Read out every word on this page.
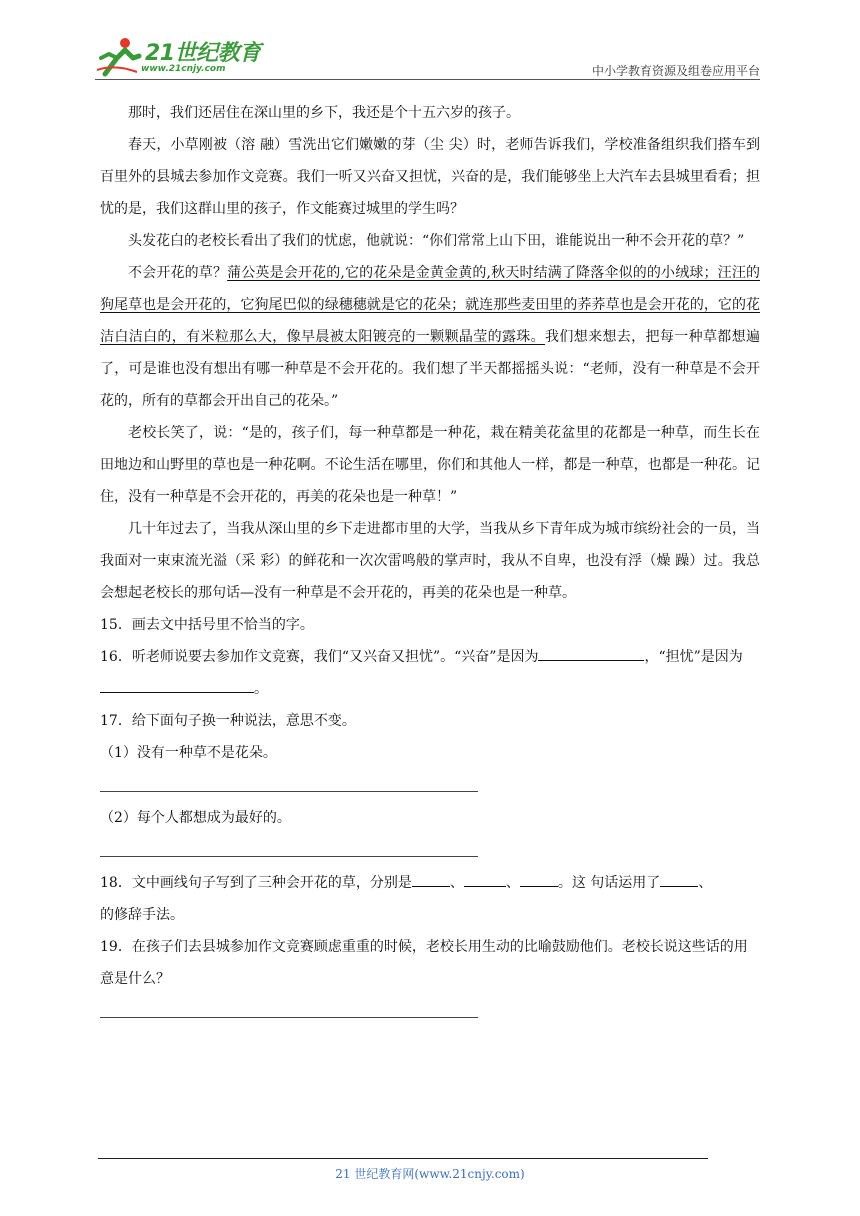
21世纪教育
www.21cnjy.com	中小学教育资源及组卷应用平台

那时，我们还居住在深山里的乡下，我还是个十五六岁的孩子。

春天，小草刚被（溶 融）雪洗出它们嫩嫩的芽（尘 尖）时，老师告诉我们，学校准备组织我们搭车到百里外的县城去参加作文竞赛。我们一听又兴奋又担忧，兴奋的是，我们能够坐上大汽车去县城里看看；担忧的是，我们这群山里的孩子，作文能赛过城里的学生吗？

头发花白的老校长看出了我们的忧虑，他就说：“你们常常上山下田，谁能说出一种不会开花的草？”

不会开花的草？蒲公英是会开花的,它的花朵是金黄金黄的,秋天时结满了降落伞似的的小绒球；汪汪的狗尾草也是会开花的，它狗尾巴似的绿穗穗就是它的花朵；就连那些麦田里的荞荞草也是会开花的，它的花洁白洁白的，有米粒那么大，像早晨被太阳镀亮的一颗颗晶莹的露珠。我们想来想去，把每一种草都想遍了，可是谁也没有想出有哪一种草是不会开花的。我们想了半天都摇摇头说：“老师，没有一种草是不会开花的，所有的草都会开出自己的花朵。”

老校长笑了，说：“是的，孩子们，每一种草都是一种花，栽在精美花盆里的花都是一种草，而生长在田地边和山野里的草也是一种花啊。不论生活在哪里，你们和其他人一样，都是一种草，也都是一种花。记住，没有一种草是不会开花的，再美的花朵也是一种草！”

几十年过去了，当我从深山里的乡下走进都市里的大学，当我从乡下青年成为城市缤纷社会的一员，当我面对一束束流光溢（采 彩）的鲜花和一次次雷鸣般的掌声时，我从不自卑，也没有浮（燥 躁）过。我总会想起老校长的那句话—没有一种草是不会开花的，再美的花朵也是一种草。

15．画去文中括号里不恰当的字。

16．听老师说要去参加作文竞赛，我们“又兴奋又担忧”。“兴奋”是因为	，“担忧”是因为。

17．给下面句子换一种说法，意思不变。

（1）没有一种草不是花朵。

（2）每个人都想成为最好的。

18．文中画线句子写到了三种会开花的草，分别是	、	、	。这 句话运用了	、
的修辞手法。

19．在孩子们去县城参加作文竞赛顾虑重重的时候，老校长用生动的比喻鼓励他们。老校长说这些话的用意是什么？

21 世纪教育网(www.21cnjy.com)
